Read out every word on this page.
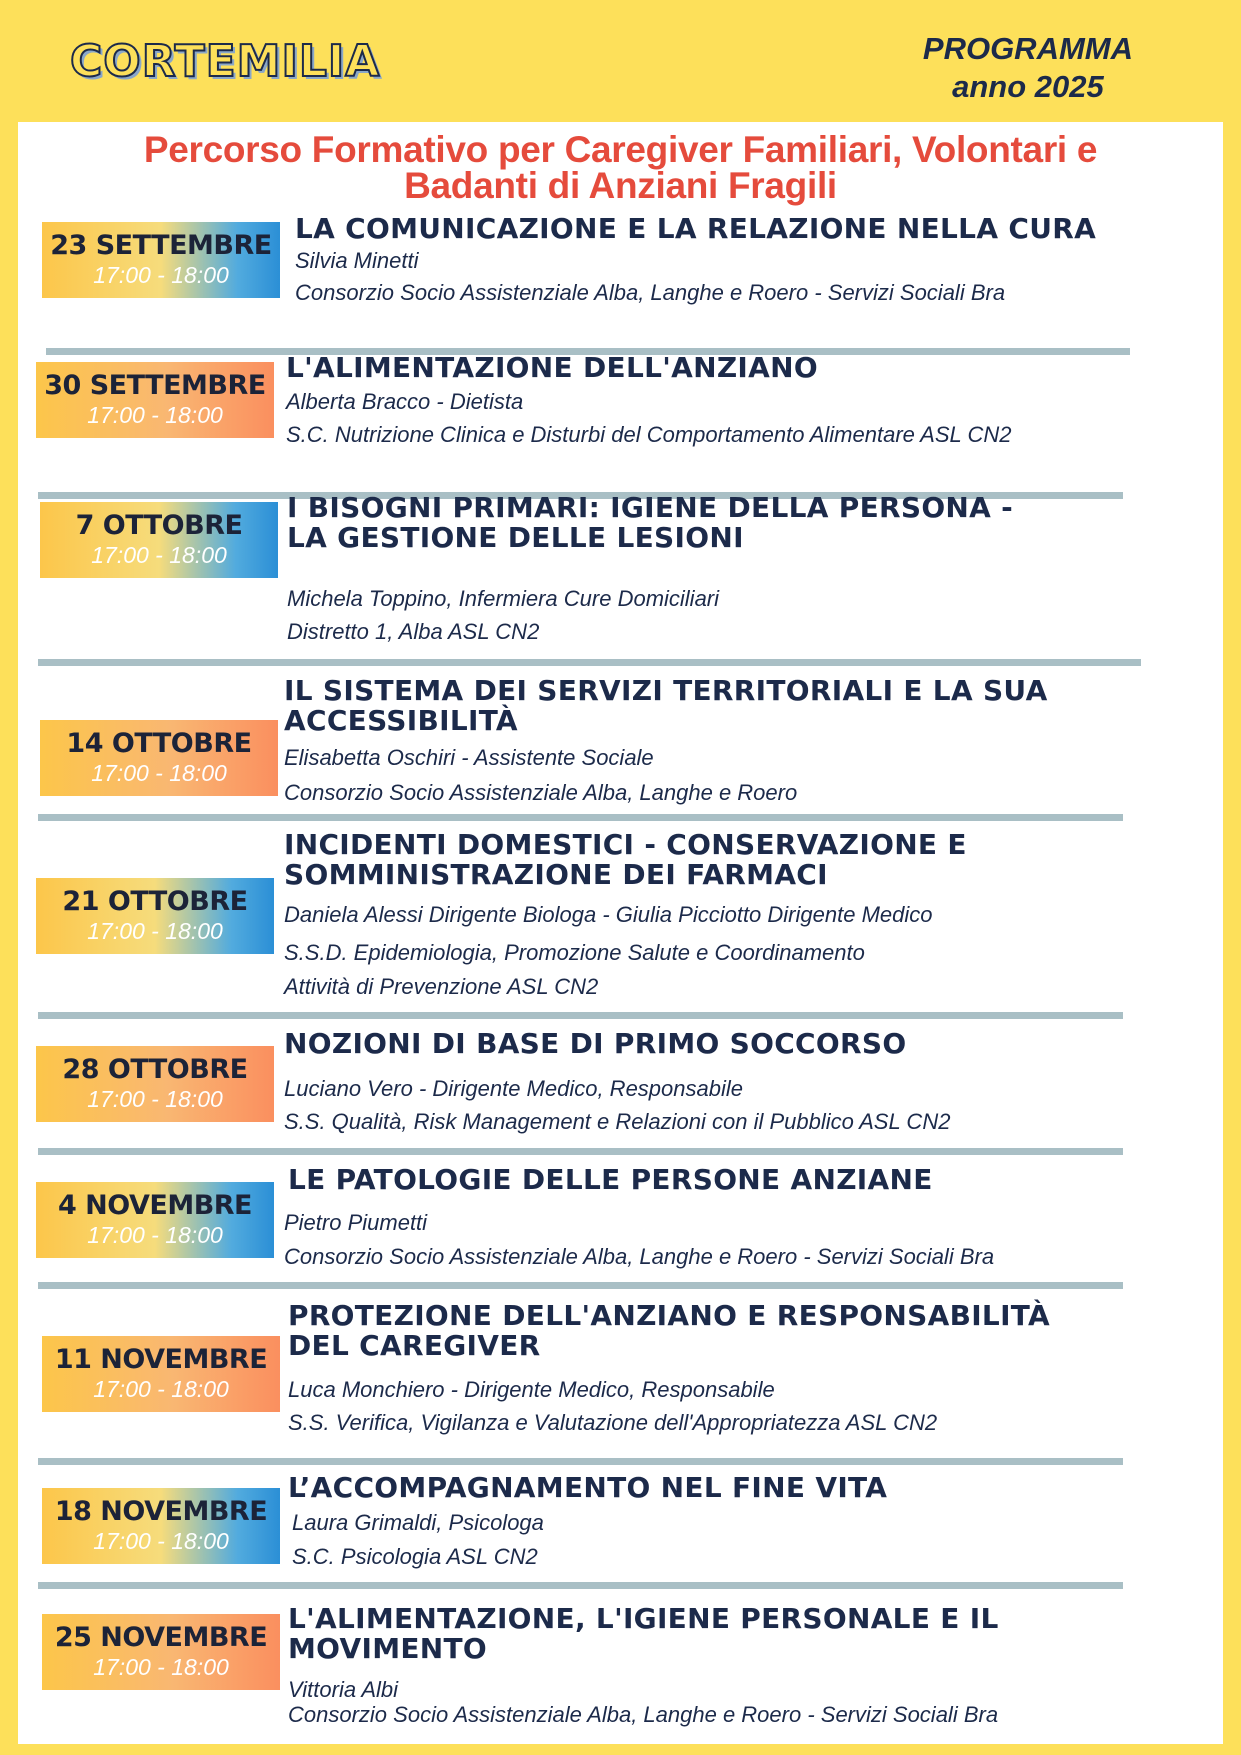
CORTEMILIA	PROGRAMMA
anno 2025
Percorso Formativo per Caregiver Familiari, Volontari e
Badanti di Anziani Fragili
23 SETTEMBRE
17:00 - 18:00
LA COMUNICAZIONE E LA RELAZIONE NELLA CURA
Silvia Minetti
Consorzio Socio Assistenziale Alba, Langhe e Roero - Servizi Sociali Bra
30 SETTEMBRE
17:00 - 18:00
L'ALIMENTAZIONE DELL'ANZIANO
Alberta Bracco - Dietista
S.C. Nutrizione Clinica e Disturbi del Comportamento Alimentare ASL CN2
7 OTTOBRE
17:00 - 18:00
I BISOGNI PRIMARI: IGIENE DELLA PERSONA -
LA GESTIONE DELLE LESIONI
Michela Toppino, Infermiera Cure Domiciliari
Distretto 1, Alba ASL CN2
14 OTTOBRE
17:00 - 18:00
IL SISTEMA DEI SERVIZI TERRITORIALI E LA SUA
ACCESSIBILITÀ
Elisabetta Oschiri - Assistente Sociale
Consorzio Socio Assistenziale Alba, Langhe e Roero
21 OTTOBRE
17:00 - 18:00
INCIDENTI DOMESTICI - CONSERVAZIONE E
SOMMINISTRAZIONE DEI FARMACI
Daniela Alessi Dirigente Biologa - Giulia Picciotto Dirigente Medico
S.S.D. Epidemiologia, Promozione Salute e Coordinamento
Attività di Prevenzione ASL CN2
28 OTTOBRE
17:00 - 18:00
NOZIONI DI BASE DI PRIMO SOCCORSO
Luciano Vero - Dirigente Medico, Responsabile
S.S. Qualità, Risk Management e Relazioni con il Pubblico ASL CN2
4 NOVEMBRE
17:00 - 18:00
LE PATOLOGIE DELLE PERSONE ANZIANE
Pietro Piumetti
Consorzio Socio Assistenziale Alba, Langhe e Roero - Servizi Sociali Bra
11 NOVEMBRE
17:00 - 18:00
PROTEZIONE DELL'ANZIANO E RESPONSABILITÀ
DEL CAREGIVER
Luca Monchiero - Dirigente Medico, Responsabile
S.S. Verifica, Vigilanza e Valutazione dell'Appropriatezza ASL CN2
18 NOVEMBRE
17:00 - 18:00
L’ACCOMPAGNAMENTO NEL FINE VITA
Laura Grimaldi, Psicologa
S.C. Psicologia ASL CN2
25 NOVEMBRE
17:00 - 18:00
L'ALIMENTAZIONE, L'IGIENE PERSONALE E IL
MOVIMENTO
Vittoria Albi
Consorzio Socio Assistenziale Alba, Langhe e Roero - Servizi Sociali Bra
